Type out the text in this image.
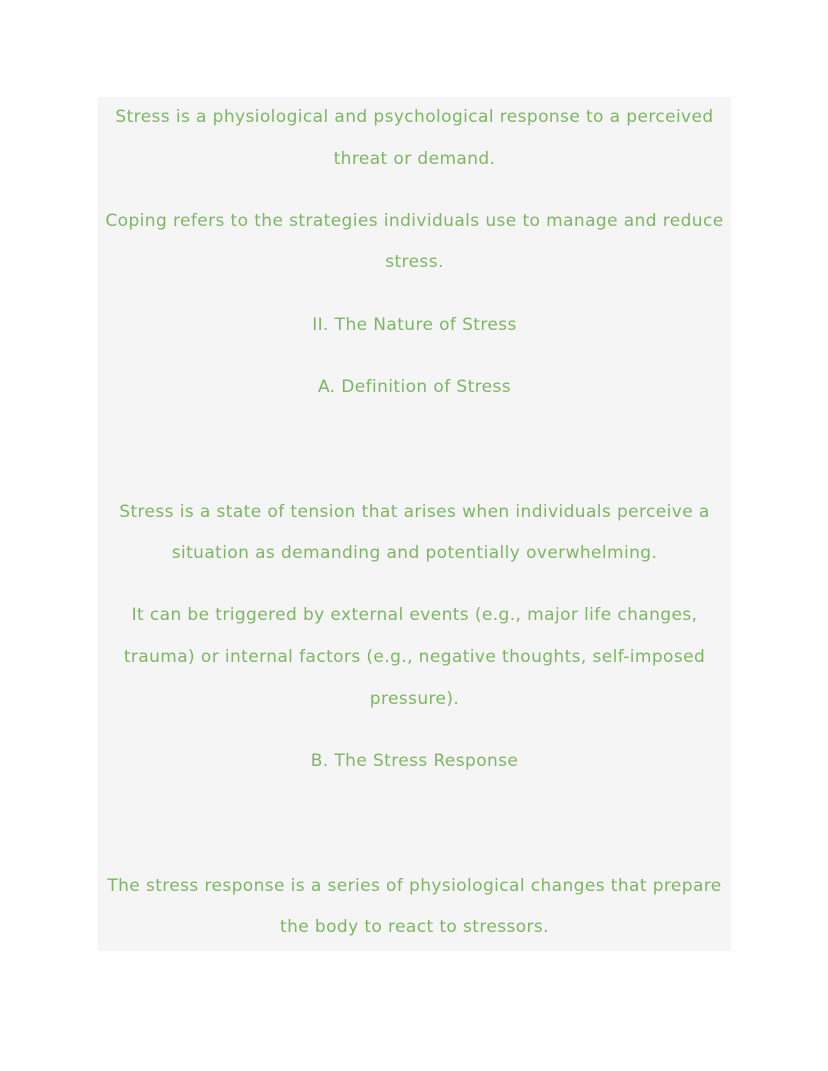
Stress is a physiological and psychological response to a perceived threat or demand.

Coping refers to the strategies individuals use to manage and reduce stress.

II. The Nature of Stress

A. Definition of Stress

Stress is a state of tension that arises when individuals perceive a situation as demanding and potentially overwhelming.

It can be triggered by external events (e.g., major life changes, trauma) or internal factors (e.g., negative thoughts, self-imposed pressure).

B. The Stress Response

The stress response is a series of physiological changes that prepare the body to react to stressors.
